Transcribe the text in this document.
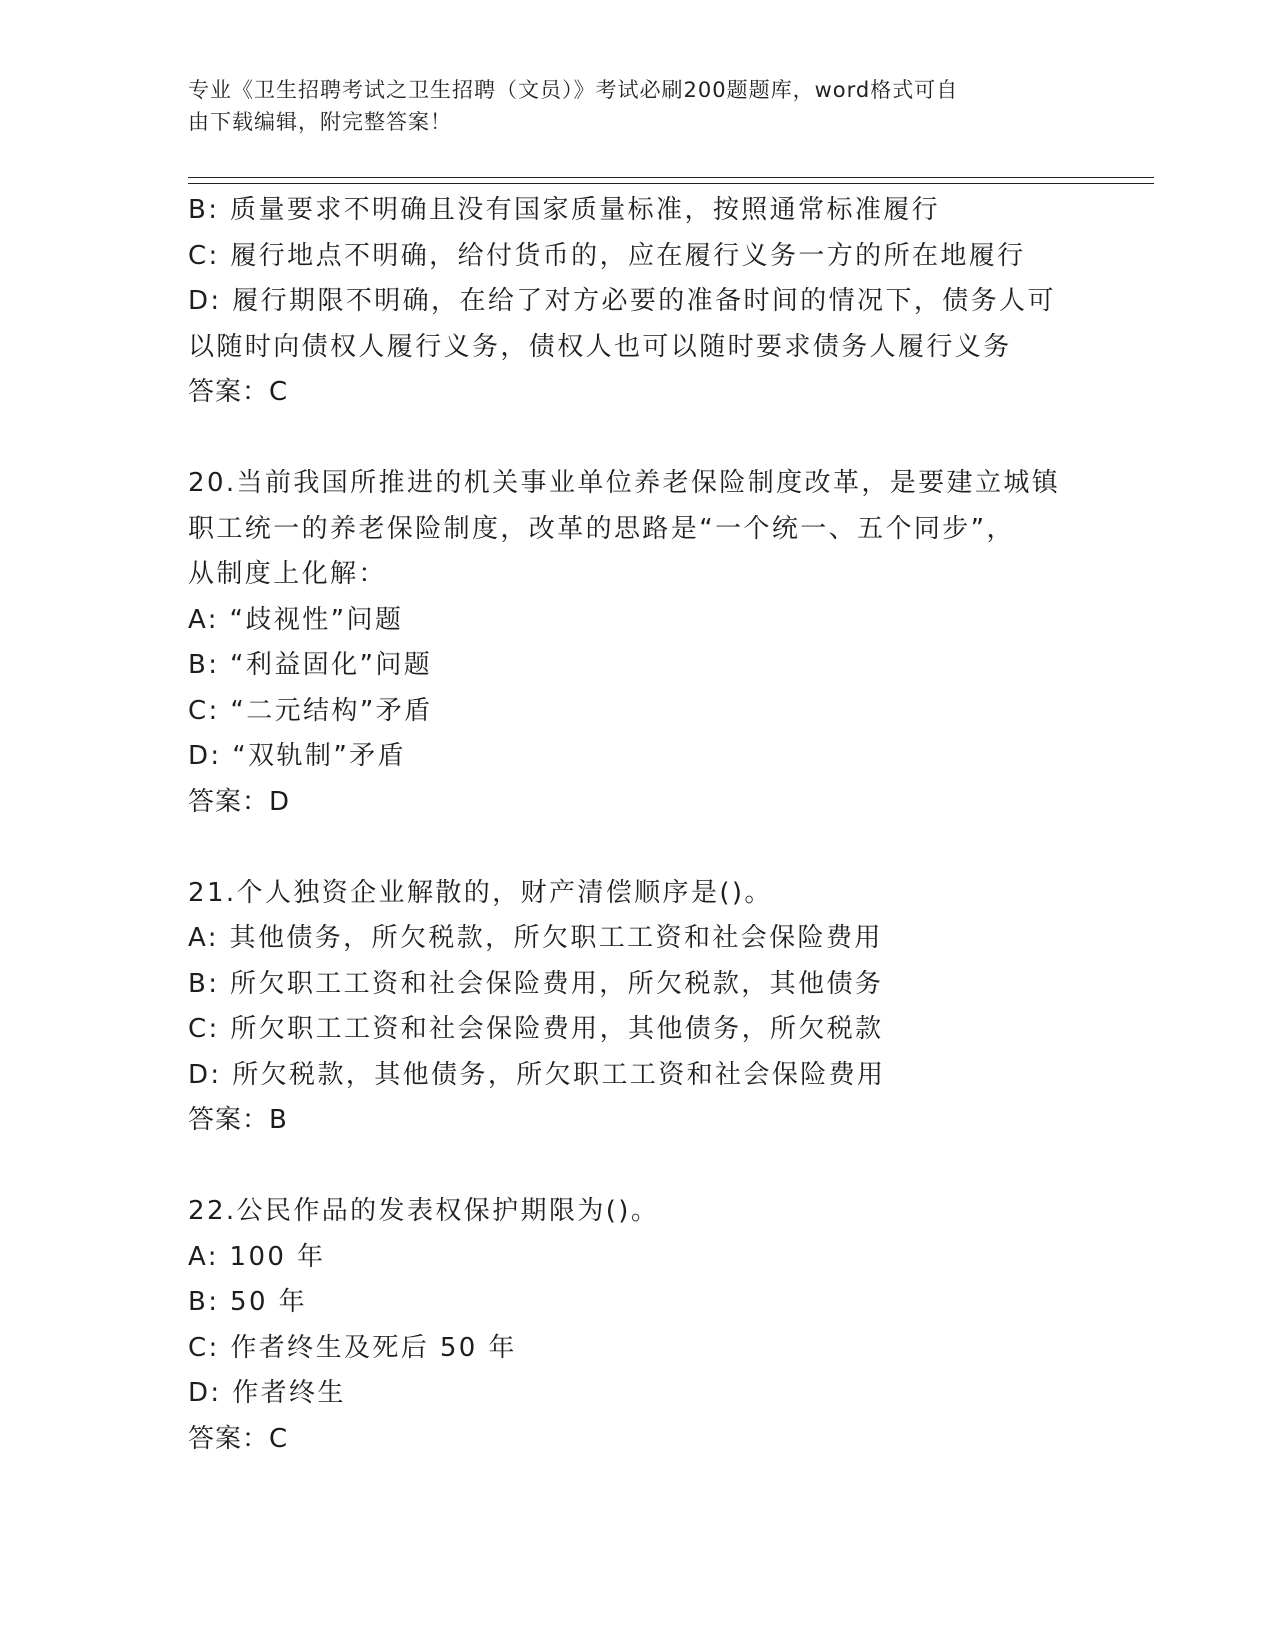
专业《卫生招聘考试之卫生招聘（文员）》考试必刷200题题库，word格式可自
由下载编辑，附完整答案！
B: 质量要求不明确且没有国家质量标准，按照通常标准履行
C: 履行地点不明确，给付货币的，应在履行义务一方的所在地履行
D: 履行期限不明确，在给了对方必要的准备时间的情况下，债务人可
以随时向债权人履行义务，债权人也可以随时要求债务人履行义务
答案：C
20.当前我国所推进的机关事业单位养老保险制度改革，是要建立城镇
职工统一的养老保险制度，改革的思路是“一个统一、五个同步”，
从制度上化解：
A: “歧视性”问题
B: “利益固化”问题
C: “二元结构”矛盾
D: “双轨制”矛盾
答案：D
21.个人独资企业解散的，财产清偿顺序是()。
A: 其他债务，所欠税款，所欠职工工资和社会保险费用
B: 所欠职工工资和社会保险费用，所欠税款，其他债务
C: 所欠职工工资和社会保险费用，其他债务，所欠税款
D: 所欠税款，其他债务，所欠职工工资和社会保险费用
答案：B
22.公民作品的发表权保护期限为()。
A: 100 年
B: 50 年
C: 作者终生及死后 50 年
D: 作者终生
答案：C
